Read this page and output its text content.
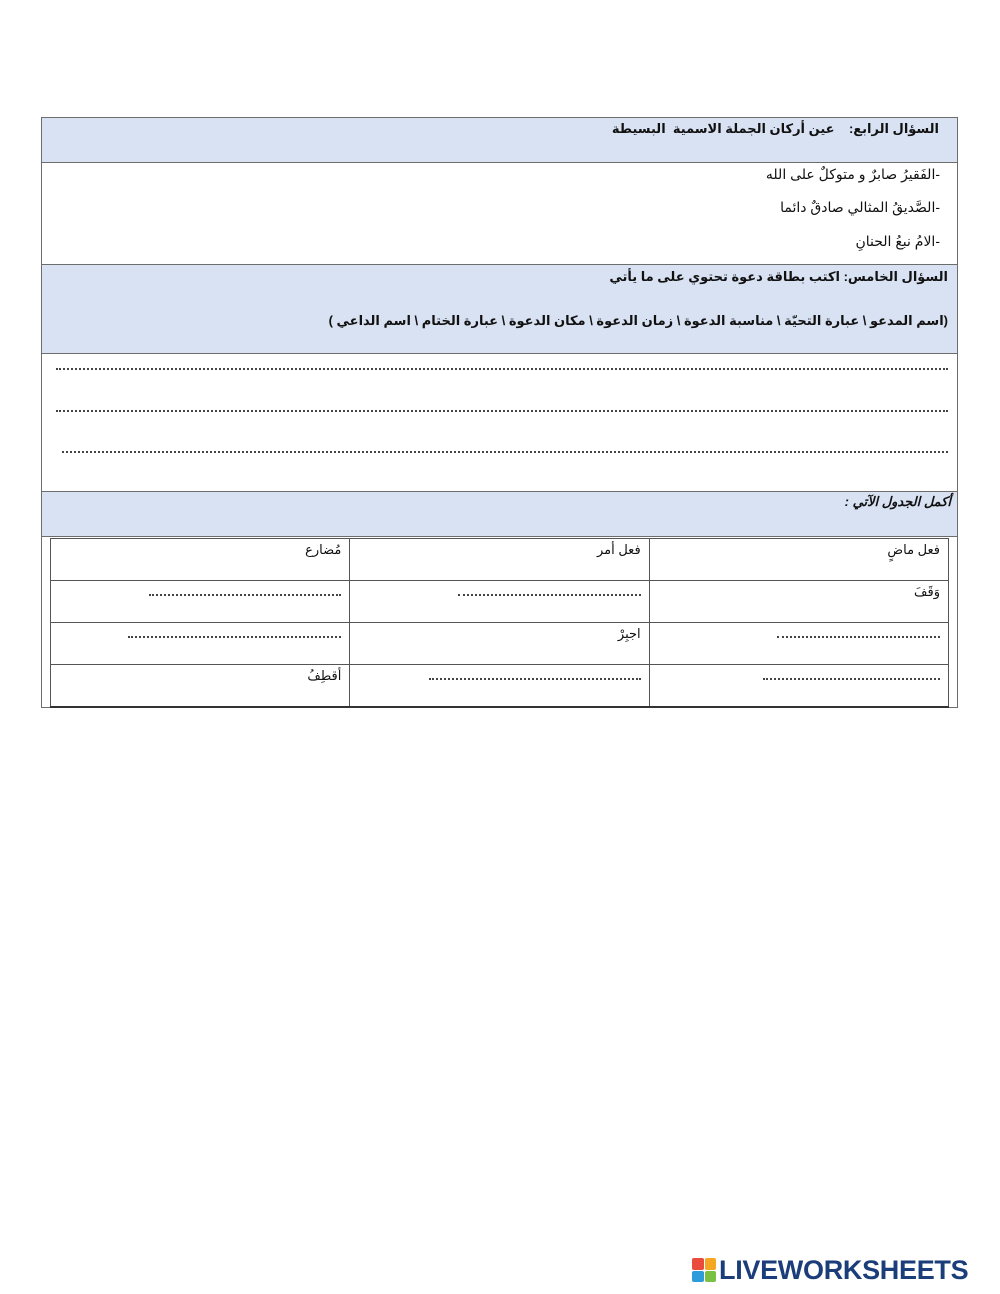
السؤال الرابع:    عين أركان الجملة الاسمية  البسيطة
-الفَقيرُ صابرٌ و متوكلٌ على الله
-الصَّديقُ المثالي صادقٌ دائما
-الامُ نبعُ الحنانِ
السؤال الخامس: اكتب بطاقة دعوة تحتوي على ما يأتي
(اسم المدعو \ عبارة التحيّة \ مناسبة الدعوة \ زمان الدعوة \ مكان الدعوة \ عبارة الختام \ اسم الداعي )
أكمل الجدول الآتي :
فعل ماضٍ	فعل أمر	مُضارع

وَقَفَ		

	اجبِرْ	

		أقطِفُ
LIVEWORKSHEETS
